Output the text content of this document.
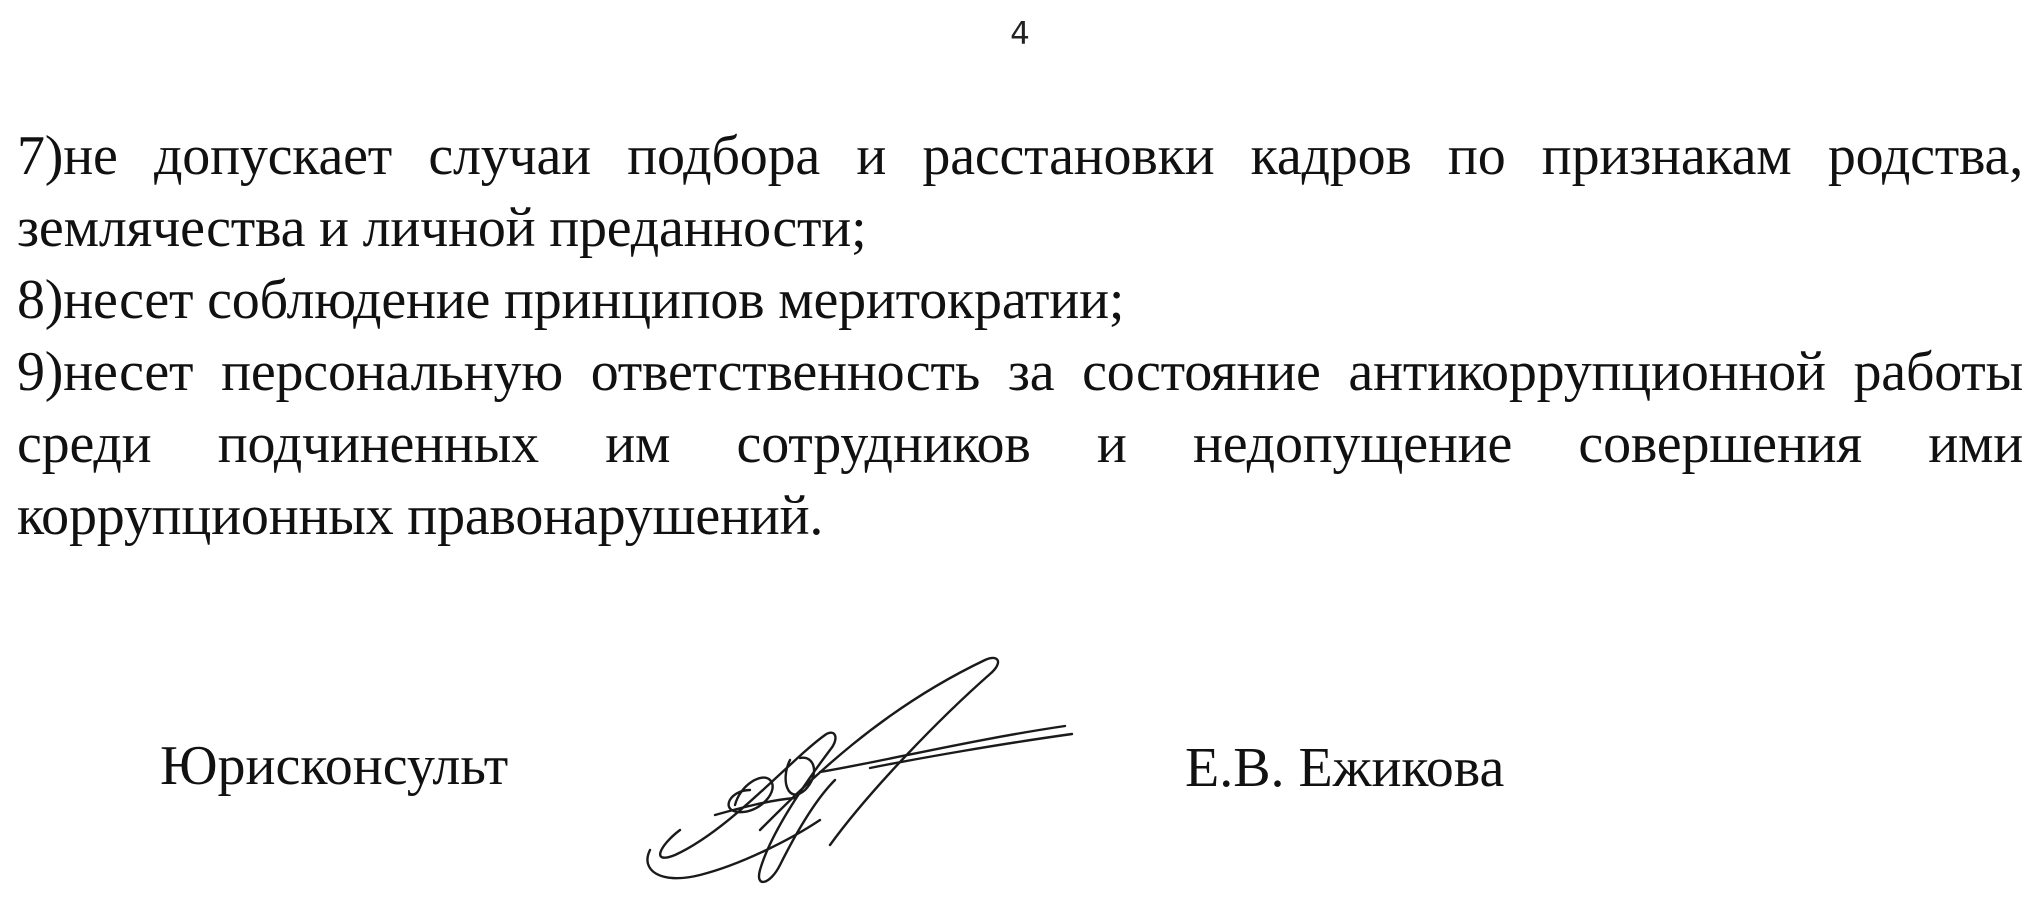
4

7)не допускает случаи подбора и расстановки кадров по признакам родства, землячества и личной преданности;

8)несет соблюдение принципов меритократии;

9)несет персональную ответственность за состояние антикоррупционной работы среди подчиненных им сотрудников и недопущение совершения ими коррупционных правонарушений.

Юрисконсульт	Е.В. Ежикова
